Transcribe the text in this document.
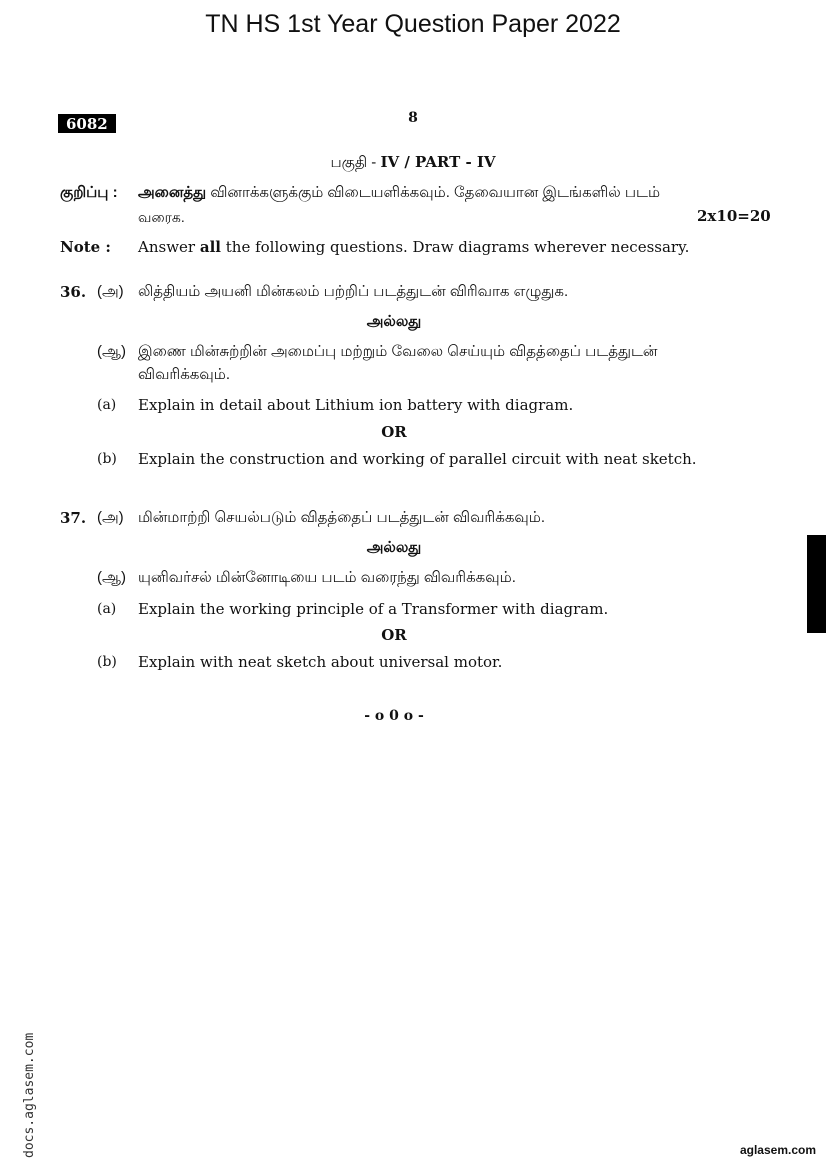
TN HS 1st Year Question Paper 2022
6082	8
பகுதி - IV / PART - IV
குறிப்பு : அனைத்து வினாக்களுக்கும் விடையளிக்கவும். தேவையான இடங்களில் படம்
வரைக.	2x10=20
Note : Answer all the following questions. Draw diagrams wherever necessary.
36. (அ) லித்தியம் அயனி மின்கலம் பற்றிப் படத்துடன் விரிவாக எழுதுக.
அல்லது
(ஆ) இணை மின்சுற்றின் அமைப்பு மற்றும் வேலை செய்யும் விதத்தைப் படத்துடன்
விவரிக்கவும்.
(a) Explain in detail about Lithium ion battery with diagram.
OR
(b) Explain the construction and working of parallel circuit with neat sketch.
37. (அ) மின்மாற்றி செயல்படும் விதத்தைப் படத்துடன் விவரிக்கவும்.
அல்லது
(ஆ) யுனிவர்சல் மின்னோடியை படம் வரைந்து விவரிக்கவும்.
(a) Explain the working principle of a Transformer with diagram.
OR
(b) Explain with neat sketch about universal motor.
- o 0 o -
docs.aglasem.com	aglasem.com
